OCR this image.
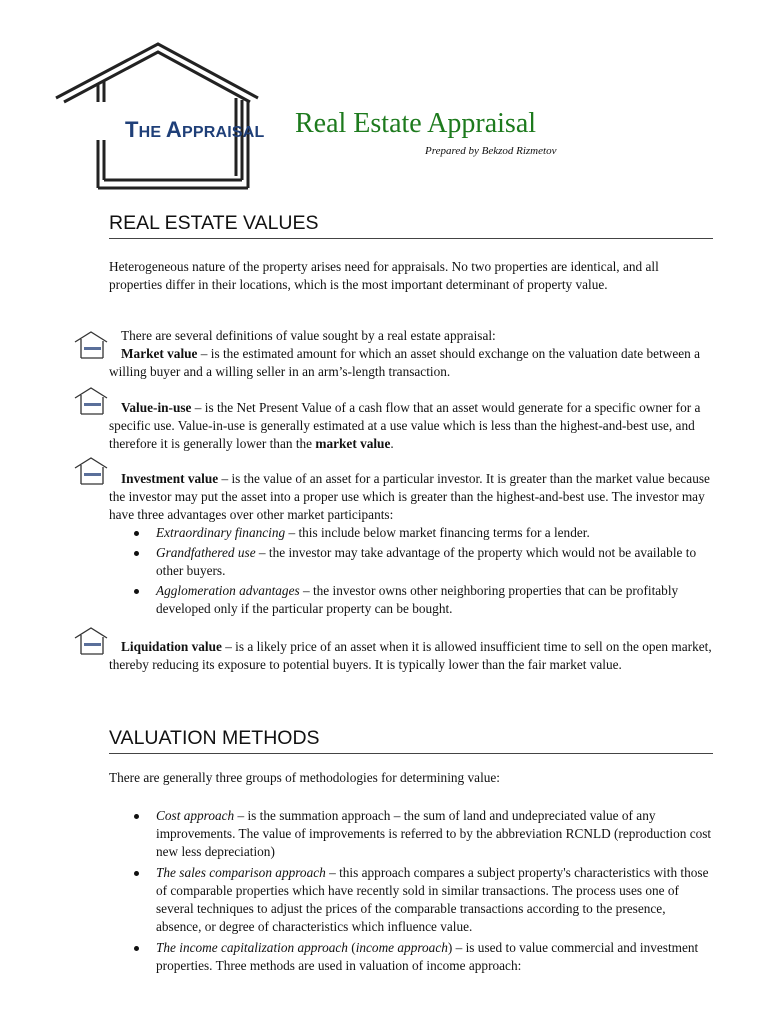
THE APPRAISAL	Real Estate Appraisal
Prepared by Bekzod Rizmetov
REAL ESTATE VALUES
Heterogeneous nature of the property arises need for appraisals. No two properties are identical, and all properties differ in their locations, which is the most important determinant of property value.
There are several definitions of value sought by a real estate appraisal:
Market value – is the estimated amount for which an asset should exchange on the valuation date between a willing buyer and a willing seller in an arm’s-length transaction.
Value-in-use – is the Net Present Value of a cash flow that an asset would generate for a specific owner for a specific use. Value-in-use is generally estimated at a use value which is less than the highest-and-best use, and therefore it is generally lower than the market value.
Investment value – is the value of an asset for a particular investor. It is greater than the market value because the investor may put the asset into a proper use which is greater than the highest-and-best use. The investor may have three advantages over other market participants:
Extraordinary financing – this include below market financing terms for a lender.
Grandfathered use – the investor may take advantage of the property which would not be available to other buyers.
Agglomeration advantages – the investor owns other neighboring properties that can be profitably developed only if the particular property can be bought.
Liquidation value – is a likely price of an asset when it is allowed insufficient time to sell on the open market, thereby reducing its exposure to potential buyers. It is typically lower than the fair market value.
VALUATION METHODS
There are generally three groups of methodologies for determining value:
Cost approach – is the summation approach – the sum of land and undepreciated value of any improvements. The value of improvements is referred to by the abbreviation RCNLD (reproduction cost new less depreciation)
The sales comparison approach – this approach compares a subject property's characteristics with those of comparable properties which have recently sold in similar transactions. The process uses one of several techniques to adjust the prices of the comparable transactions according to the presence, absence, or degree of characteristics which influence value.
The income capitalization approach (income approach) – is used to value commercial and investment properties. Three methods are used in valuation of income approach:
